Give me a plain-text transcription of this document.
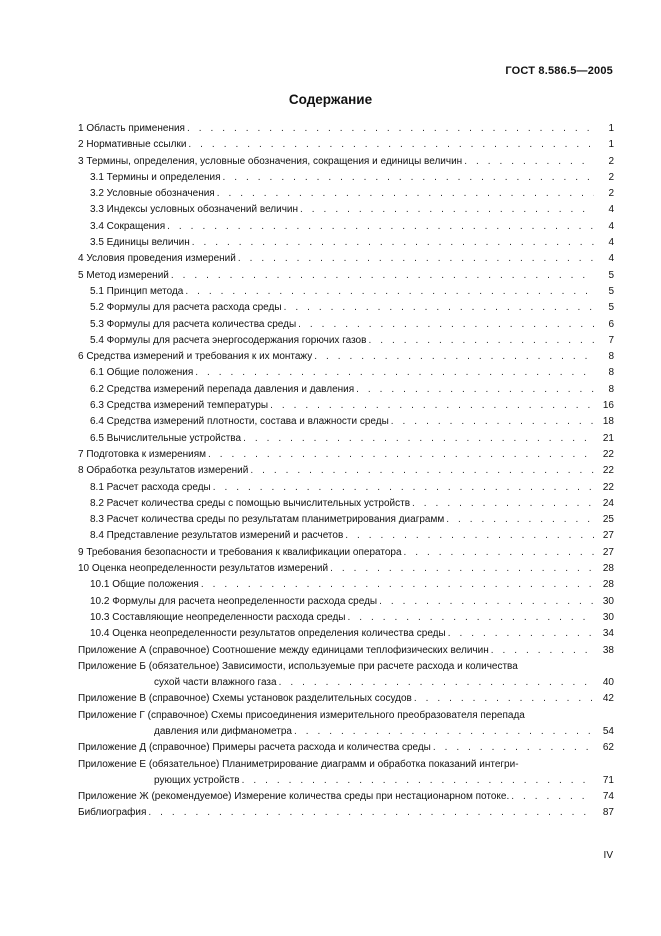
ГОСТ 8.586.5—2005
Содержание
1 Область применения . . .	1
2 Нормативные ссылки . . .	1
3 Термины, определения, условные обозначения, сокращения и единицы величин . . .	2
3.1 Термины и определения . . .	2
3.2 Условные обозначения . . .	2
3.3 Индексы условных обозначений величин . . .	4
3.4 Сокращения . . .	4
3.5 Единицы величин . . .	4
4 Условия проведения измерений . . .	4
5 Метод измерений . . .	5
5.1 Принцип метода . . .	5
5.2 Формулы для расчета расхода среды . . .	5
5.3 Формулы для расчета количества среды . . .	6
5.4 Формулы для расчета энергосодержания горючих газов . . .	7
6 Средства измерений и требования к их монтажу . . .	8
6.1 Общие положения . . .	8
6.2 Средства измерений перепада давления и давления . . .	8
6.3 Средства измерений температуры . . .	16
6.4 Средства измерений плотности, состава и влажности среды . . .	18
6.5 Вычислительные устройства . . .	21
7 Подготовка к измерениям . . .	22
8 Обработка результатов измерений . . .	22
8.1 Расчет расхода среды . . .	22
8.2 Расчет количества среды с помощью вычислительных устройств . . .	24
8.3 Расчет количества среды по результатам планиметрирования диаграмм . . .	25
8.4 Представление результатов измерений и расчетов . . .	27
9 Требования безопасности и требования к квалификации оператора . . .	27
10 Оценка неопределенности результатов измерений . . .	28
10.1 Общие положения . . .	28
10.2 Формулы для расчета неопределенности расхода среды . . .	30
10.3 Составляющие неопределенности расхода среды . . .	30
10.4 Оценка неопределенности результатов определения количества среды . . .	34
Приложение А (справочное) Соотношение между единицами теплофизических величин . . .	38
Приложение Б (обязательное) Зависимости, используемые при расчете расхода и количества
сухой части влажного газа . . .	40
Приложение В (справочное) Схемы установок разделительных сосудов . . .	42
Приложение Г (справочное) Схемы присоединения измерительного преобразователя перепада
давления или дифманометра . . .	54
Приложение Д (справочное) Примеры расчета расхода и количества среды . . .	62
Приложение Е (обязательное) Планиметрирование диаграмм и обработка показаний интегри-
рующих устройств . . .	71
Приложение Ж (рекомендуемое) Измерение количества среды при нестационарном потоке. . . .	74
Библиография . . .	87
IV
